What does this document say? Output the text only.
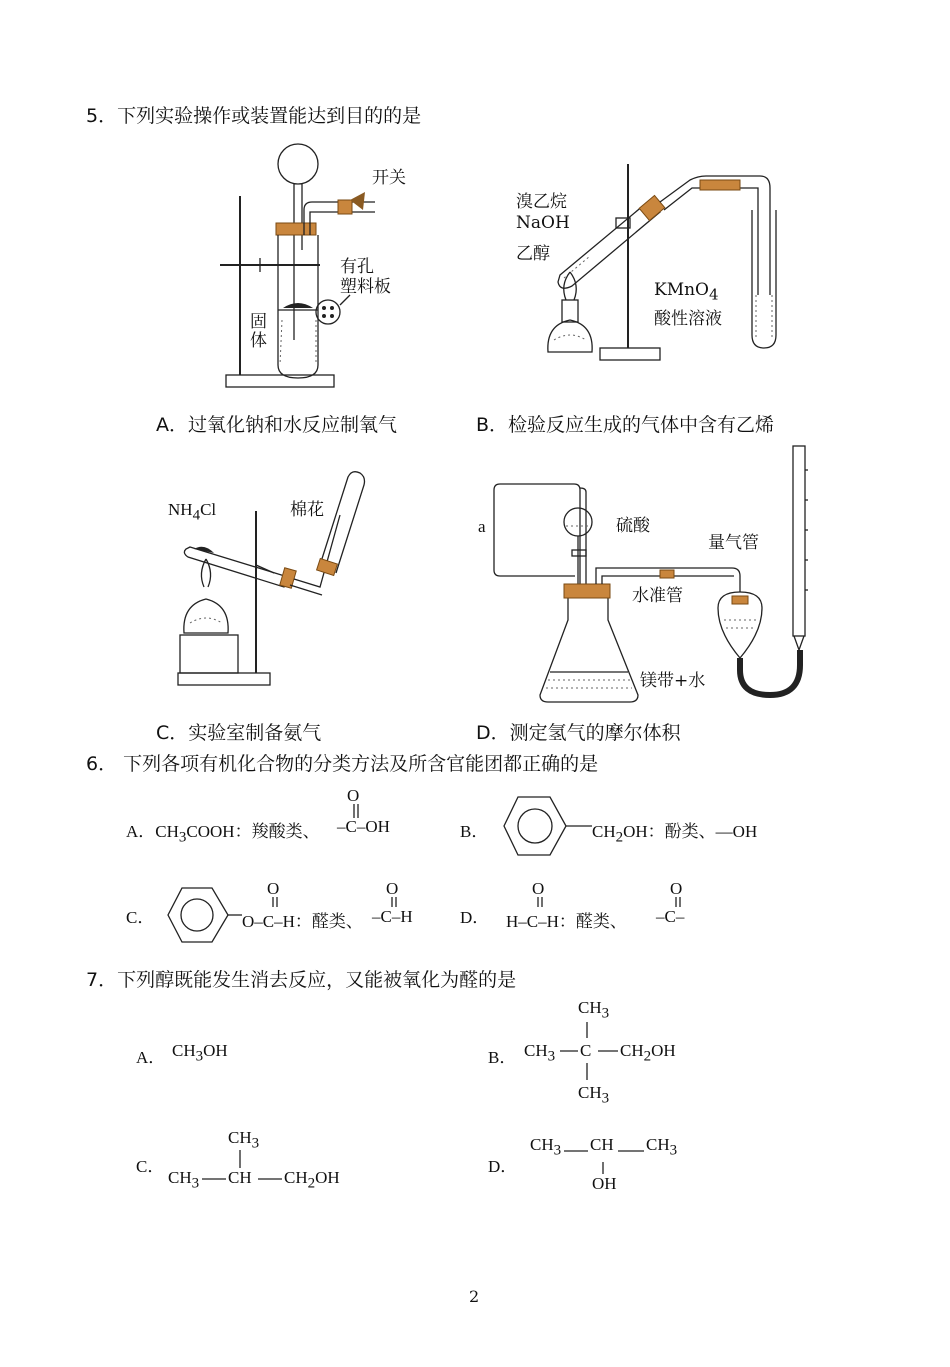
5．下列实验操作或装置能达到目的的是
开关
有孔
塑料板
固
体
A．过氧化钠和水反应制氧气
溴乙烷
NaOH
乙醇
KMnO$_4$
酸性溶液
B．检验反应生成的气体中含有乙烯
$NH_4Cl$	棉花
C．实验室制备氨气
a	硫酸
量气管
水准管
镁带+水
D．测定氢气的摩尔体积
6． 下列各项有机化合物的分类方法及所含官能团都正确的是
A．$CH_3COOH$：羧酸类、
O
–C–OH	B．	$CH_2OH$：酚类、—OH
C．	O–C–H：醛类、
O	O
–C–H	D． H–C–H：醛类、
O	O
–C–
7．下列醇既能发生消去反应，又能被氧化为醛的是
A． $CH_3OH$	B．
$CH_3$
$CH_3$ C $CH_2OH$
$CH_3$
C．
$CH_3$
$CH_3$ CH $CH_2OH$
D．
$CH_3$ CH $CH_3$
OH
2
